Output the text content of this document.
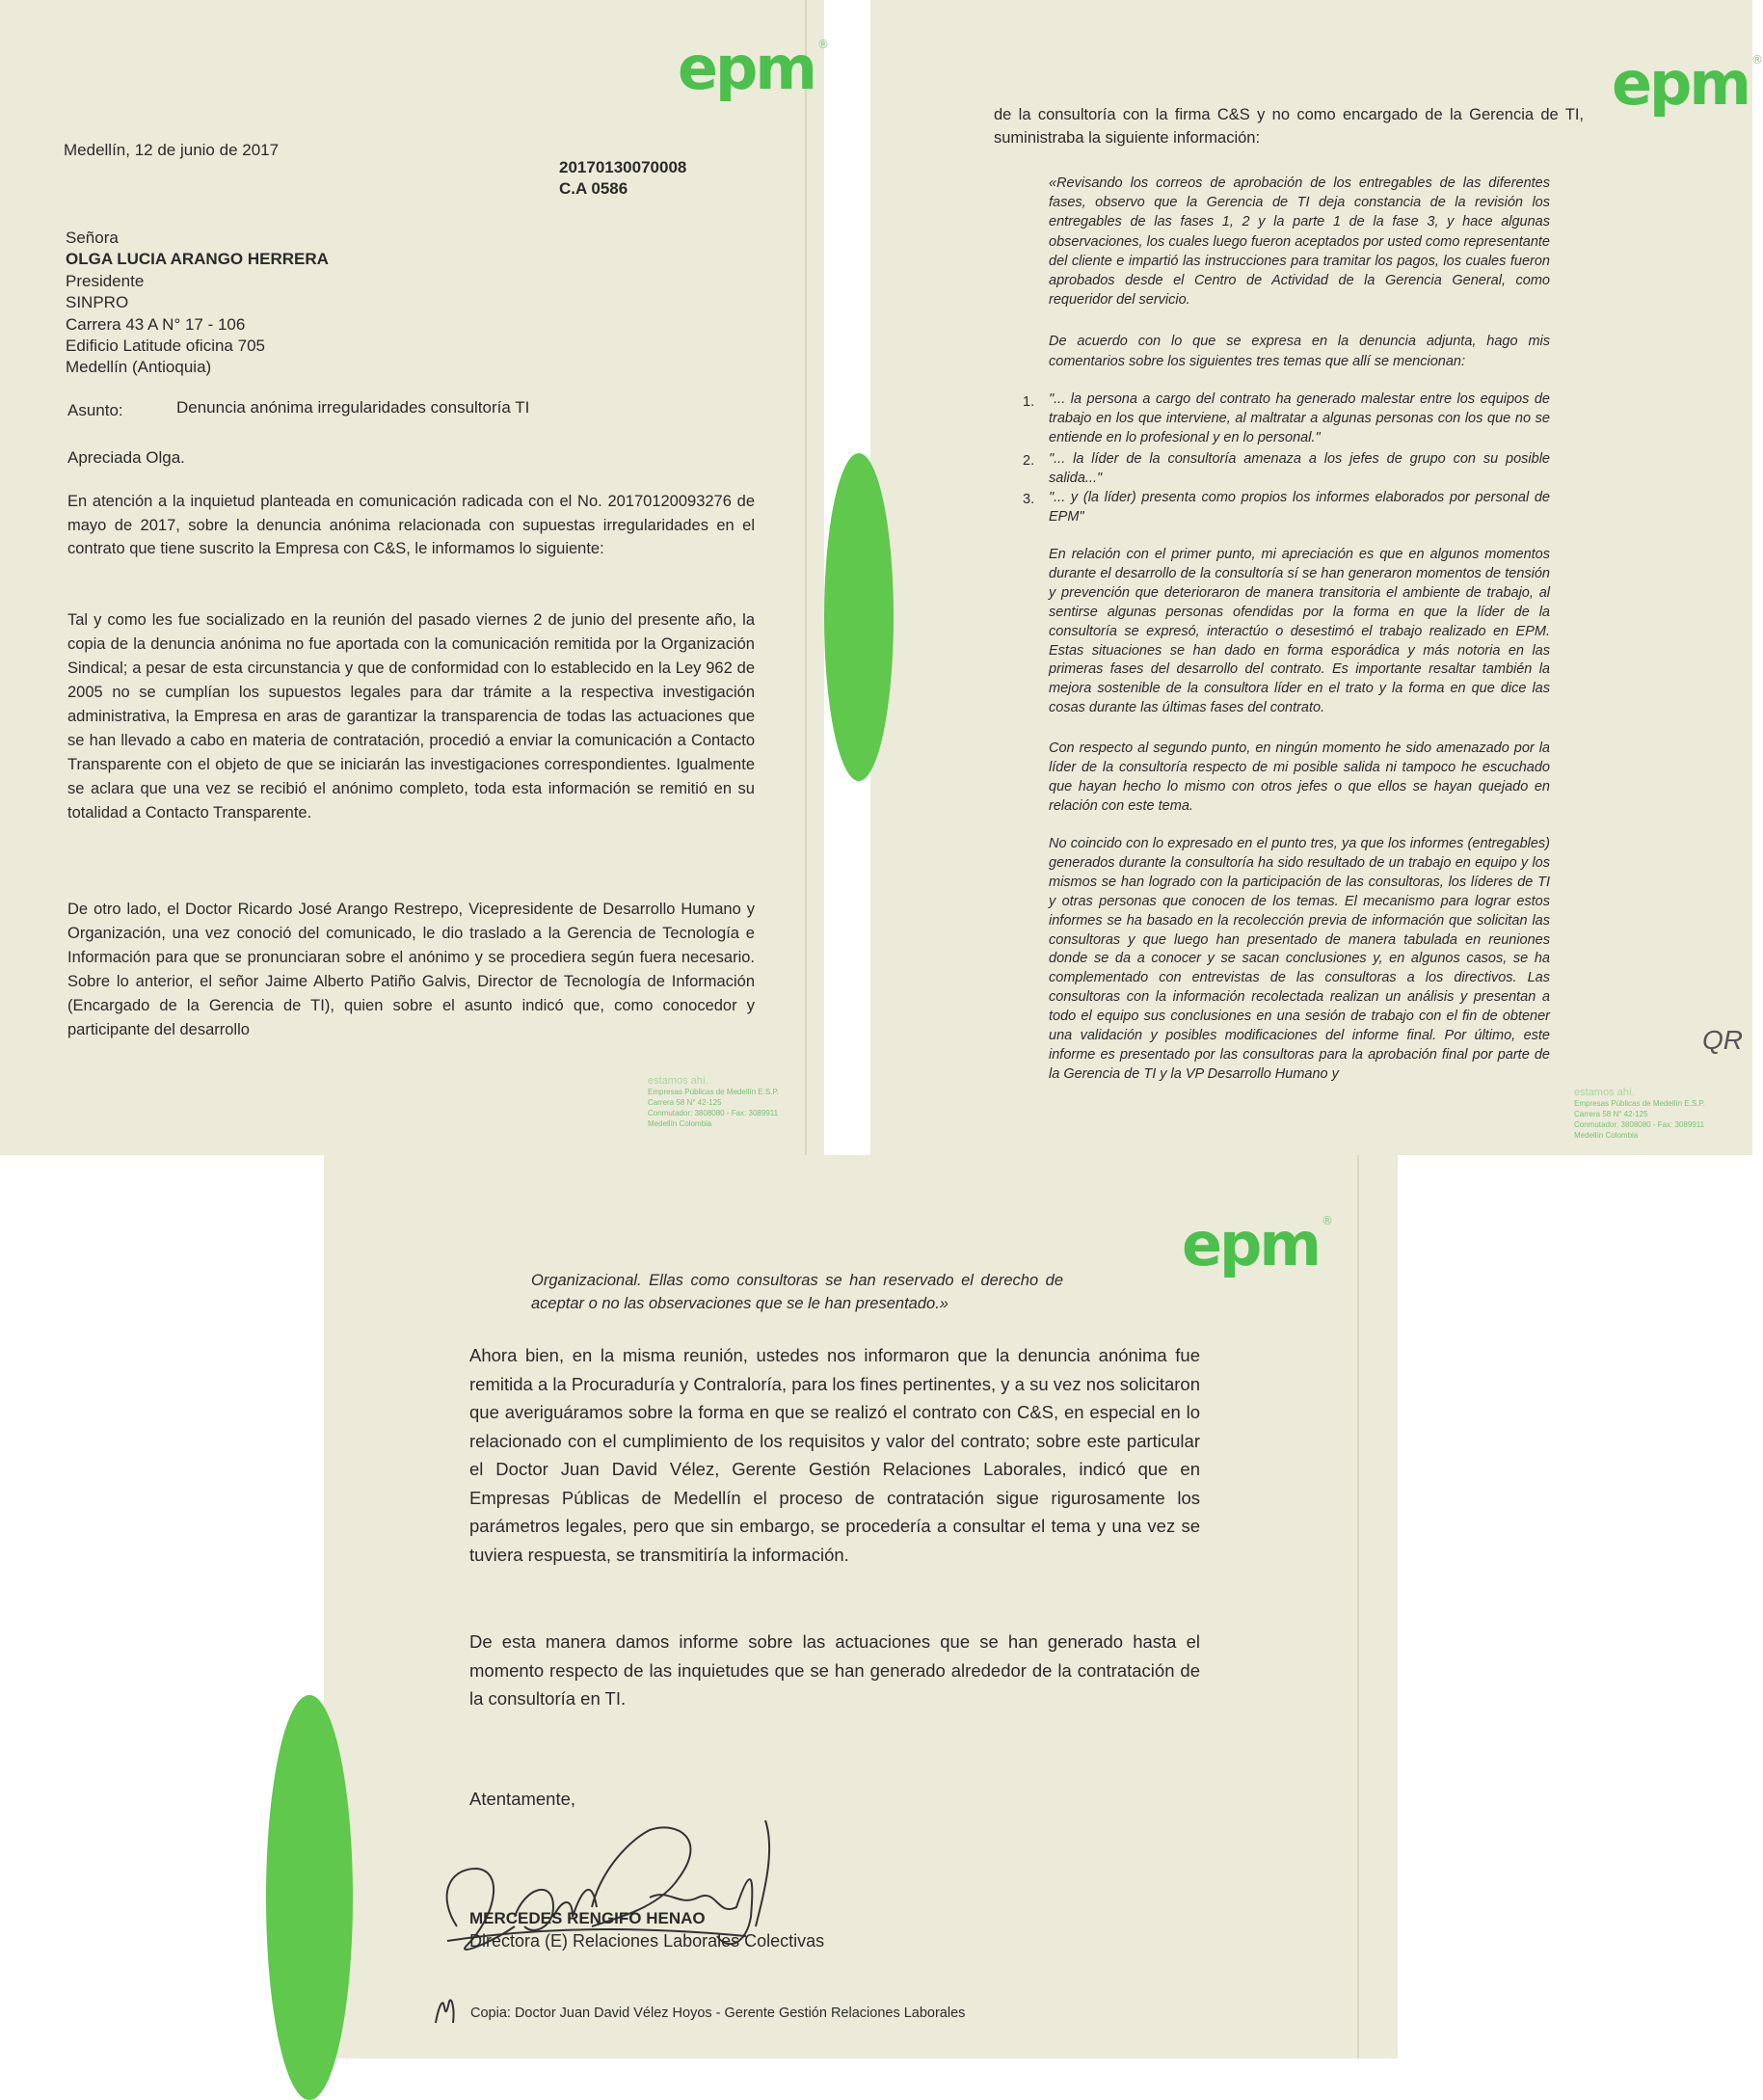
epm ®
Medellín, 12 de junio de 2017
20170130070008
C.A 0586
Señora
OLGA LUCIA ARANGO HERRERA
Presidente
SINPRO
Carrera 43 A N° 17 - 106
Edificio Latitude oficina 705
Medellín (Antioquia)
Asunto:	Denuncia anónima irregularidades consultoría TI
Apreciada Olga.
En atención a la inquietud planteada en comunicación radicada con el No. 20170120093276 de mayo de 2017, sobre la denuncia anónima relacionada con supuestas irregularidades en el contrato que tiene suscrito la Empresa con C&S, le informamos lo siguiente:
Tal y como les fue socializado en la reunión del pasado viernes 2 de junio del presente año, la copia de la denuncia anónima no fue aportada con la comunicación remitida por la Organización Sindical; a pesar de esta circunstancia y que de conformidad con lo establecido en la Ley 962 de 2005 no se cumplían los supuestos legales para dar trámite a la respectiva investigación administrativa, la Empresa en aras de garantizar la transparencia de todas las actuaciones que se han llevado a cabo en materia de contratación, procedió a enviar la comunicación a Contacto Transparente con el objeto de que se iniciarán las investigaciones correspondientes. Igualmente se aclara que una vez se recibió el anónimo completo, toda esta información se remitió en su totalidad a Contacto Transparente.
De otro lado, el Doctor Ricardo José Arango Restrepo, Vicepresidente de Desarrollo Humano y Organización, una vez conoció del comunicado, le dio traslado a la Gerencia de Tecnología e Información para que se pronunciaran sobre el anónimo y se procediera según fuera necesario. Sobre lo anterior, el señor Jaime Alberto Patiño Galvis, Director de Tecnología de Información (Encargado de la Gerencia de TI), quien sobre el asunto indicó que, como conocedor y participante del desarrollo
estamos ahí.
Empresas Públicas de Medellín E.S.P.
Carrera 58 N° 42-125
Conmutador: 3808080 - Fax: 3089911
Medellín Colombia
epm ®
de la consultoría con la firma C&S y no como encargado de la Gerencia de TI, suministraba la siguiente información:
«Revisando los correos de aprobación de los entregables de las diferentes fases, observo que la Gerencia de TI deja constancia de la revisión los entregables de las fases 1, 2 y la parte 1 de la fase 3, y hace algunas observaciones, los cuales luego fueron aceptados por usted como representante del cliente e impartió las instrucciones para tramitar los pagos, los cuales fueron aprobados desde el Centro de Actividad de la Gerencia General, como requeridor del servicio.
De acuerdo con lo que se expresa en la denuncia adjunta, hago mis comentarios sobre los siguientes tres temas que allí se mencionan:
1. "... la persona a cargo del contrato ha generado malestar entre los equipos de trabajo en los que interviene, al maltratar a algunas personas con los que no se entiende en lo profesional y en lo personal."
2. "... la líder de la consultoría amenaza a los jefes de grupo con su posible salida..."
3. "... y (la líder) presenta como propios los informes elaborados por personal de EPM"
En relación con el primer punto, mi apreciación es que en algunos momentos durante el desarrollo de la consultoría sí se han generaron momentos de tensión y prevención que deterioraron de manera transitoria el ambiente de trabajo, al sentirse algunas personas ofendidas por la forma en que la líder de la consultoría se expresó, interactúo o desestimó el trabajo realizado en EPM. Estas situaciones se han dado en forma esporádica y más notoria en las primeras fases del desarrollo del contrato. Es importante resaltar también la mejora sostenible de la consultora líder en el trato y la forma en que dice las cosas durante las últimas fases del contrato.
Con respecto al segundo punto, en ningún momento he sido amenazado por la líder de la consultoría respecto de mi posible salida ni tampoco he escuchado que hayan hecho lo mismo con otros jefes o que ellos se hayan quejado en relación con este tema.
No coincido con lo expresado en el punto tres, ya que los informes (entregables) generados durante la consultoría ha sido resultado de un trabajo en equipo y los mismos se han logrado con la participación de las consultoras, los líderes de TI y otras personas que conocen de los temas. El mecanismo para lograr estos informes se ha basado en la recolección previa de información que solicitan las consultoras y que luego han presentado de manera tabulada en reuniones donde se da a conocer y se sacan conclusiones y, en algunos casos, se ha complementado con entrevistas de las consultoras a los directivos. Las consultoras con la información recolectada realizan un análisis y presentan a todo el equipo sus conclusiones en una sesión de trabajo con el fin de obtener una validación y posibles modificaciones del informe final. Por último, este informe es presentado por las consultoras para la aprobación final por parte de la Gerencia de TI y la VP Desarrollo Humano y
QR
estamos ahí.
Empresas Públicas de Medellín E.S.P.
Carrera 58 N° 42-125
Conmutador: 3808080 - Fax: 3089911
Medellín Colombia
epm ®
Organizacional. Ellas como consultoras se han reservado el derecho de aceptar o no las observaciones que se le han presentado.»
Ahora bien, en la misma reunión, ustedes nos informaron que la denuncia anónima fue remitida a la Procuraduría y Contraloría, para los fines pertinentes, y a su vez nos solicitaron que averiguáramos sobre la forma en que se realizó el contrato con C&S, en especial en lo relacionado con el cumplimiento de los requisitos y valor del contrato; sobre este particular el Doctor Juan David Vélez, Gerente Gestión Relaciones Laborales, indicó que en Empresas Públicas de Medellín el proceso de contratación sigue rigurosamente los parámetros legales, pero que sin embargo, se procedería a consultar el tema y una vez se tuviera respuesta, se transmitiría la información.
De esta manera damos informe sobre las actuaciones que se han generado hasta el momento respecto de las inquietudes que se han generado alrededor de la contratación de la consultoría en TI.
Atentamente,
MERCEDES RENGIFO HENAO
Directora (E) Relaciones Laborales Colectivas
Copia: Doctor Juan David Vélez Hoyos - Gerente Gestión Relaciones Laborales
